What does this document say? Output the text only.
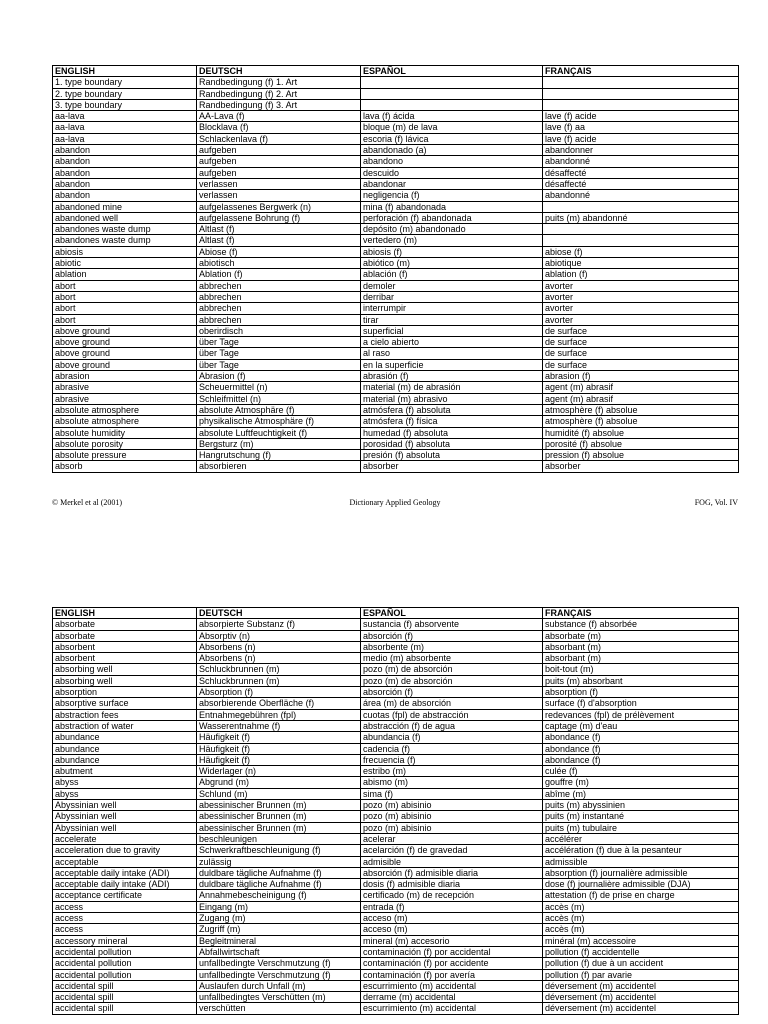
ENGLISH	DEUTSCH	ESPAÑOL	FRANÇAIS
1. type boundary	Randbedingung (f) 1. Art		
2. type boundary	Randbedingung (f) 2. Art		
3. type boundary	Randbedingung (f) 3. Art		
aa-lava	AA-Lava (f)	lava (f) ácida	lave (f) acide
aa-lava	Blocklava (f)	bloque (m) de lava	lave (f) aa
aa-lava	Schlackenlava (f)	escoria (f) lávica	lave (f) acide
abandon	aufgeben	abandonado (a)	abandonner
abandon	aufgeben	abandono	abandonné
abandon	aufgeben	descuido	désaffecté
abandon	verlassen	abandonar	désaffecté
abandon	verlassen	negligencia (f)	abandonné
abandoned mine	aufgelassenes Bergwerk (n)	mina (f) abandonada	
abandoned well	aufgelassene Bohrung (f)	perforación (f) abandonada	puits (m) abandonné
abandones waste dump	Altlast (f)	depósito (m) abandonado	
abandones waste dump	Altlast (f)	vertedero (m)	
abiosis	Abiose (f)	abiosis (f)	abiose (f)
abiotic	abiotisch	abiótico (m)	abiotique
ablation	Ablation (f)	ablación (f)	ablation (f)
abort	abbrechen	demoler	avorter
abort	abbrechen	derribar	avorter
abort	abbrechen	interrumpir	avorter
abort	abbrechen	tirar	avorter
above ground	oberirdisch	superficial	de surface
above ground	über Tage	a cielo abierto	de surface
above ground	über Tage	al raso	de surface
above ground	über Tage	en la superficie	de surface
abrasion	Abrasion (f)	abrasión (f)	abrasion (f)
abrasive	Scheuermittel (n)	material (m) de abrasión	agent (m) abrasif
abrasive	Schleifmittel (n)	material (m) abrasivo	agent (m) abrasif
absolute atmosphere	absolute Atmosphäre (f)	atmósfera (f) absoluta	atmosphère (f) absolue
absolute atmosphere	physikalische Atmosphäre (f)	atmósfera (f) física	atmosphère (f) absolue
absolute humidity	absolute Luftfeuchtigkeit (f)	humedad (f) absoluta	humidité (f) absolue
absolute porosity	Bergsturz (m)	porosidad (f) absoluta	porosité (f) absolue
absolute pressure	Hangrutschung (f)	presión (f) absoluta	pression (f) absolue
absorb	absorbieren	absorber	absorber
Dictionary Applied Geology
© Merkel et al (2001)	FOG, Vol. IV
ENGLISH	DEUTSCH	ESPAÑOL	FRANÇAIS
absorbate	absorpierte Substanz (f)	sustancia (f) absorvente	substance (f) absorbée
absorbate	Absorptiv (n)	absorción (f)	absorbate (m)
absorbent	Absorbens (n)	absorbente (m)	absorbant (m)
absorbent	Absorbens (n)	medio (m) absorbente	absorbant (m)
absorbing well	Schluckbrunnen (m)	pozo (m) de absorción	boit-tout (m)
absorbing well	Schluckbrunnen (m)	pozo (m) de absorción	puits (m) absorbant
absorption	Absorption (f)	absorción (f)	absorption (f)
absorptive surface	absorbierende Oberfläche (f)	área (m) de absorción	surface (f) d'absorption
abstraction fees	Entnahmegebühren (fpl)	cuotas (fpl) de abstracción	redevances (fpl) de prélèvement
abstraction of water	Wasserentnahme (f)	abstracción (f) de agua	captage (m) d'eau
abundance	Häufigkeit (f)	abundancia (f)	abondance (f)
abundance	Häufigkeit (f)	cadencia (f)	abondance (f)
abundance	Häufigkeit (f)	frecuencia (f)	abondance (f)
abutment	Widerlager (n)	estribo (m)	culée (f)
abyss	Abgrund (m)	abismo (m)	gouffre (m)
abyss	Schlund (m)	sima (f)	abîme (m)
Abyssinian well	abessinischer Brunnen (m)	pozo (m) abisinio	puits (m) abyssinien
Abyssinian well	abessinischer Brunnen (m)	pozo (m) abisinio	puits (m) instantané
Abyssinian well	abessinischer Brunnen (m)	pozo (m) abisinio	puits (m) tubulaire
accelerate	beschleunigen	acelerar	accélérer
acceleration due to gravity	Schwerkraftbeschleunigung (f)	acelarción (f) de gravedad	accélération (f) due à la pesanteur
acceptable	zulässig	admisible	admissible
acceptable daily intake (ADI)	duldbare tägliche Aufnahme (f)	absorción (f) admisible diaria	absorption (f) journalière admissible
acceptable daily intake (ADI)	duldbare tägliche Aufnahme (f)	dosis (f) admisible diaria	dose (f) journalière admissible (DJA)
acceptance certificate	Annahmebescheinigung (f)	certificado (m) de recepción	attestation (f) de prise en charge
access	Eingang (m)	entrada (f)	accès (m)
access	Zugang (m)	acceso (m)	accès (m)
access	Zugriff (m)	acceso (m)	accès (m)
accessory mineral	Begleitmineral	mineral (m) accesorio	minéral (m) accessoire
accidental pollution	Abfallwirtschaft	contaminación (f) por accidental	pollution (f) accidentelle
accidental pollution	unfallbedingte Verschmutzung (f)	contaminación (f) por accidente	pollution (f) due à un accident
accidental pollution	unfallbedingte Verschmutzung (f)	contaminación (f) por avería	pollution (f) par avarie
accidental spill	Auslaufen durch Unfall (m)	escurrimiento (m) accidental	déversement (m) accidentel
accidental spill	unfallbedingtes Verschütten (m)	derrame (m) accidental	déversement (m) accidentel
accidental spill	verschütten	escurrimiento (m) accidental	déversement (m) accidentel
